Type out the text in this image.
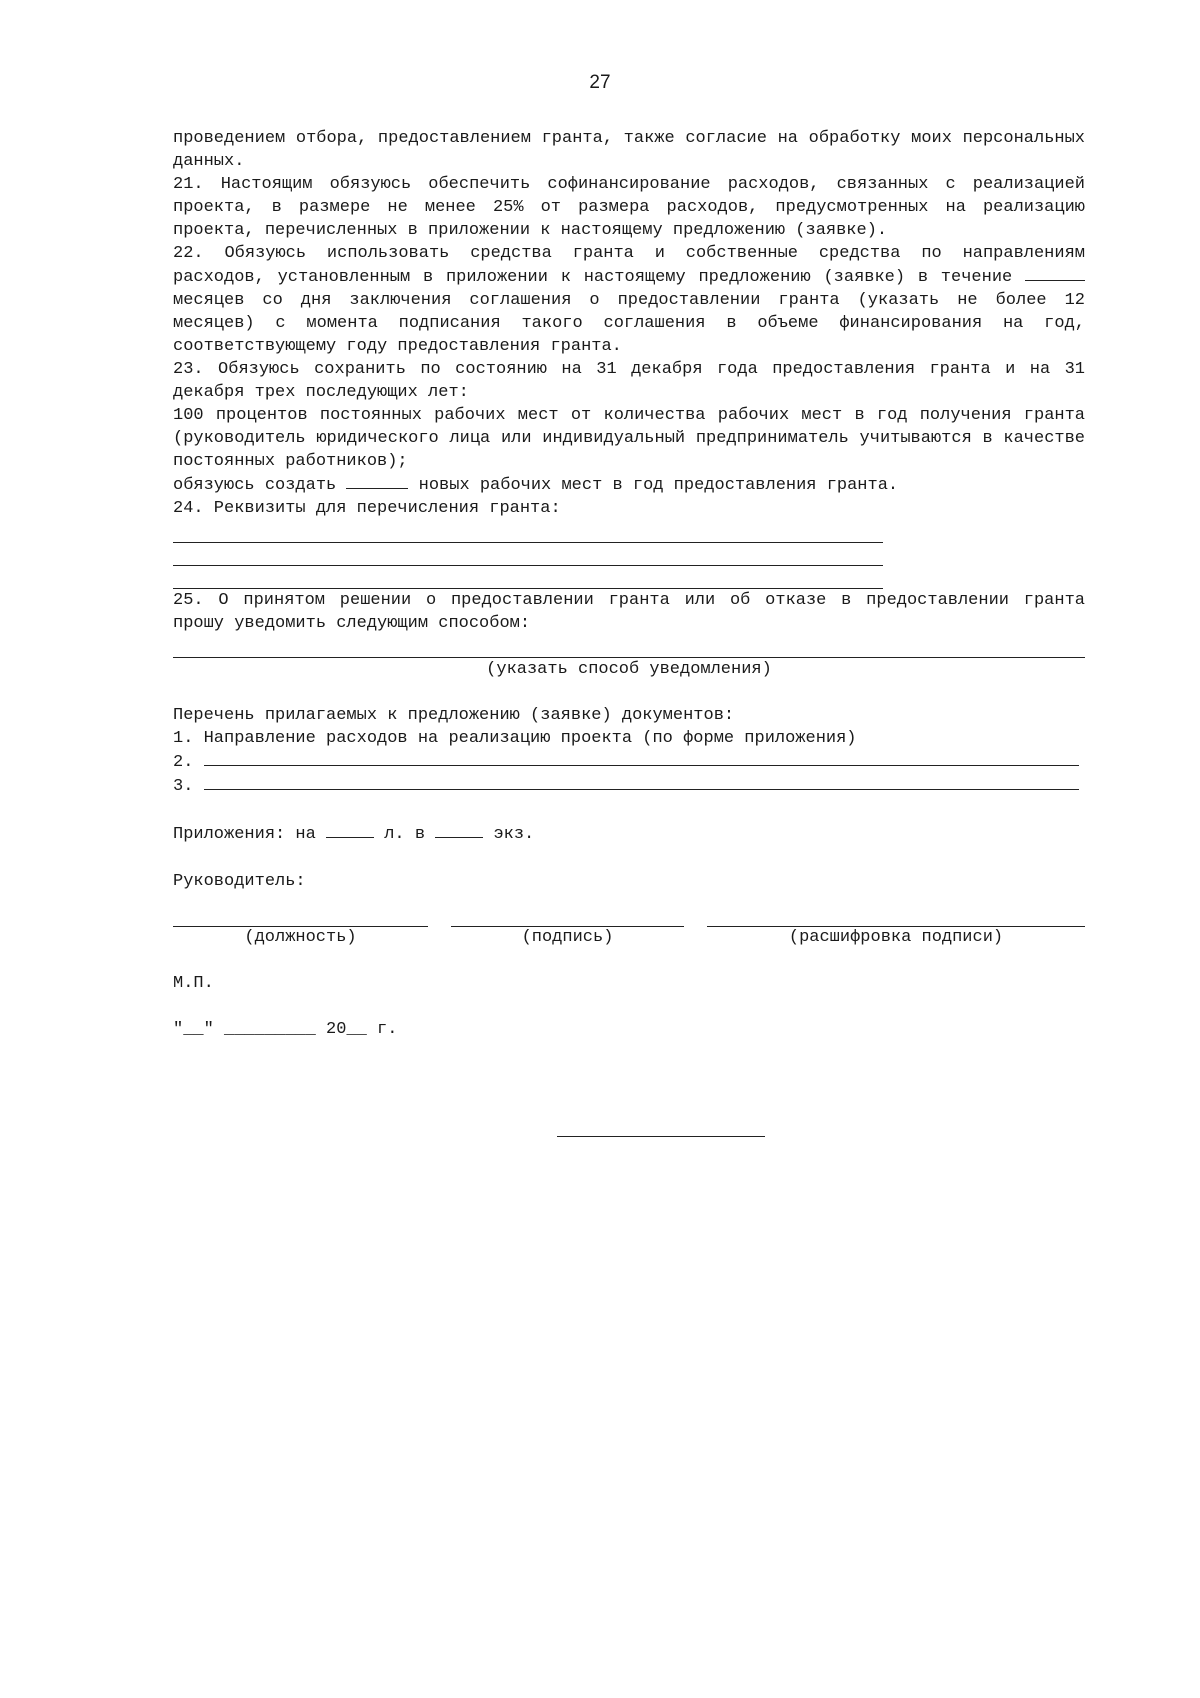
27

проведением отбора, предоставлением гранта, также согласие на обработку моих персональных данных.

21. Настоящим обязуюсь обеспечить софинансирование расходов, связанных с реализацией проекта, в размере не менее 25% от размера расходов, предусмотренных на реализацию проекта, перечисленных в приложении к настоящему предложению (заявке).

22. Обязуюсь использовать средства гранта и собственные средства по направлениям расходов, установленным в приложении к настоящему предложению (заявке) в течение  месяцев со дня заключения соглашения о предоставлении гранта (указать не более 12 месяцев) с момента подписания такого соглашения в объеме финансирования на год, соответствующему году предоставления гранта.

23. Обязуюсь сохранить по состоянию на 31 декабря года предоставления гранта и на 31 декабря трех последующих лет:

100 процентов постоянных рабочих мест от количества рабочих мест в год получения гранта (руководитель юридического лица или индивидуальный предприниматель учитываются в качестве постоянных работников);

обязуюсь создать	новых рабочих мест в год предоставления гранта.
24. Реквизиты для перечисления гранта:

25. О принятом решении о предоставлении гранта или об отказе в предоставлении гранта прошу уведомить следующим способом:

(указать способ уведомления)
Перечень прилагаемых к предложению (заявке) документов:
1. Направление расходов на реализацию проекта (по форме приложения)
2.
3.
Приложения: на	л. в	экз.
Руководитель:
(должность)	(подпись)	(расшифровка подписи)
М.П.
"__" _________ 20__ г.
